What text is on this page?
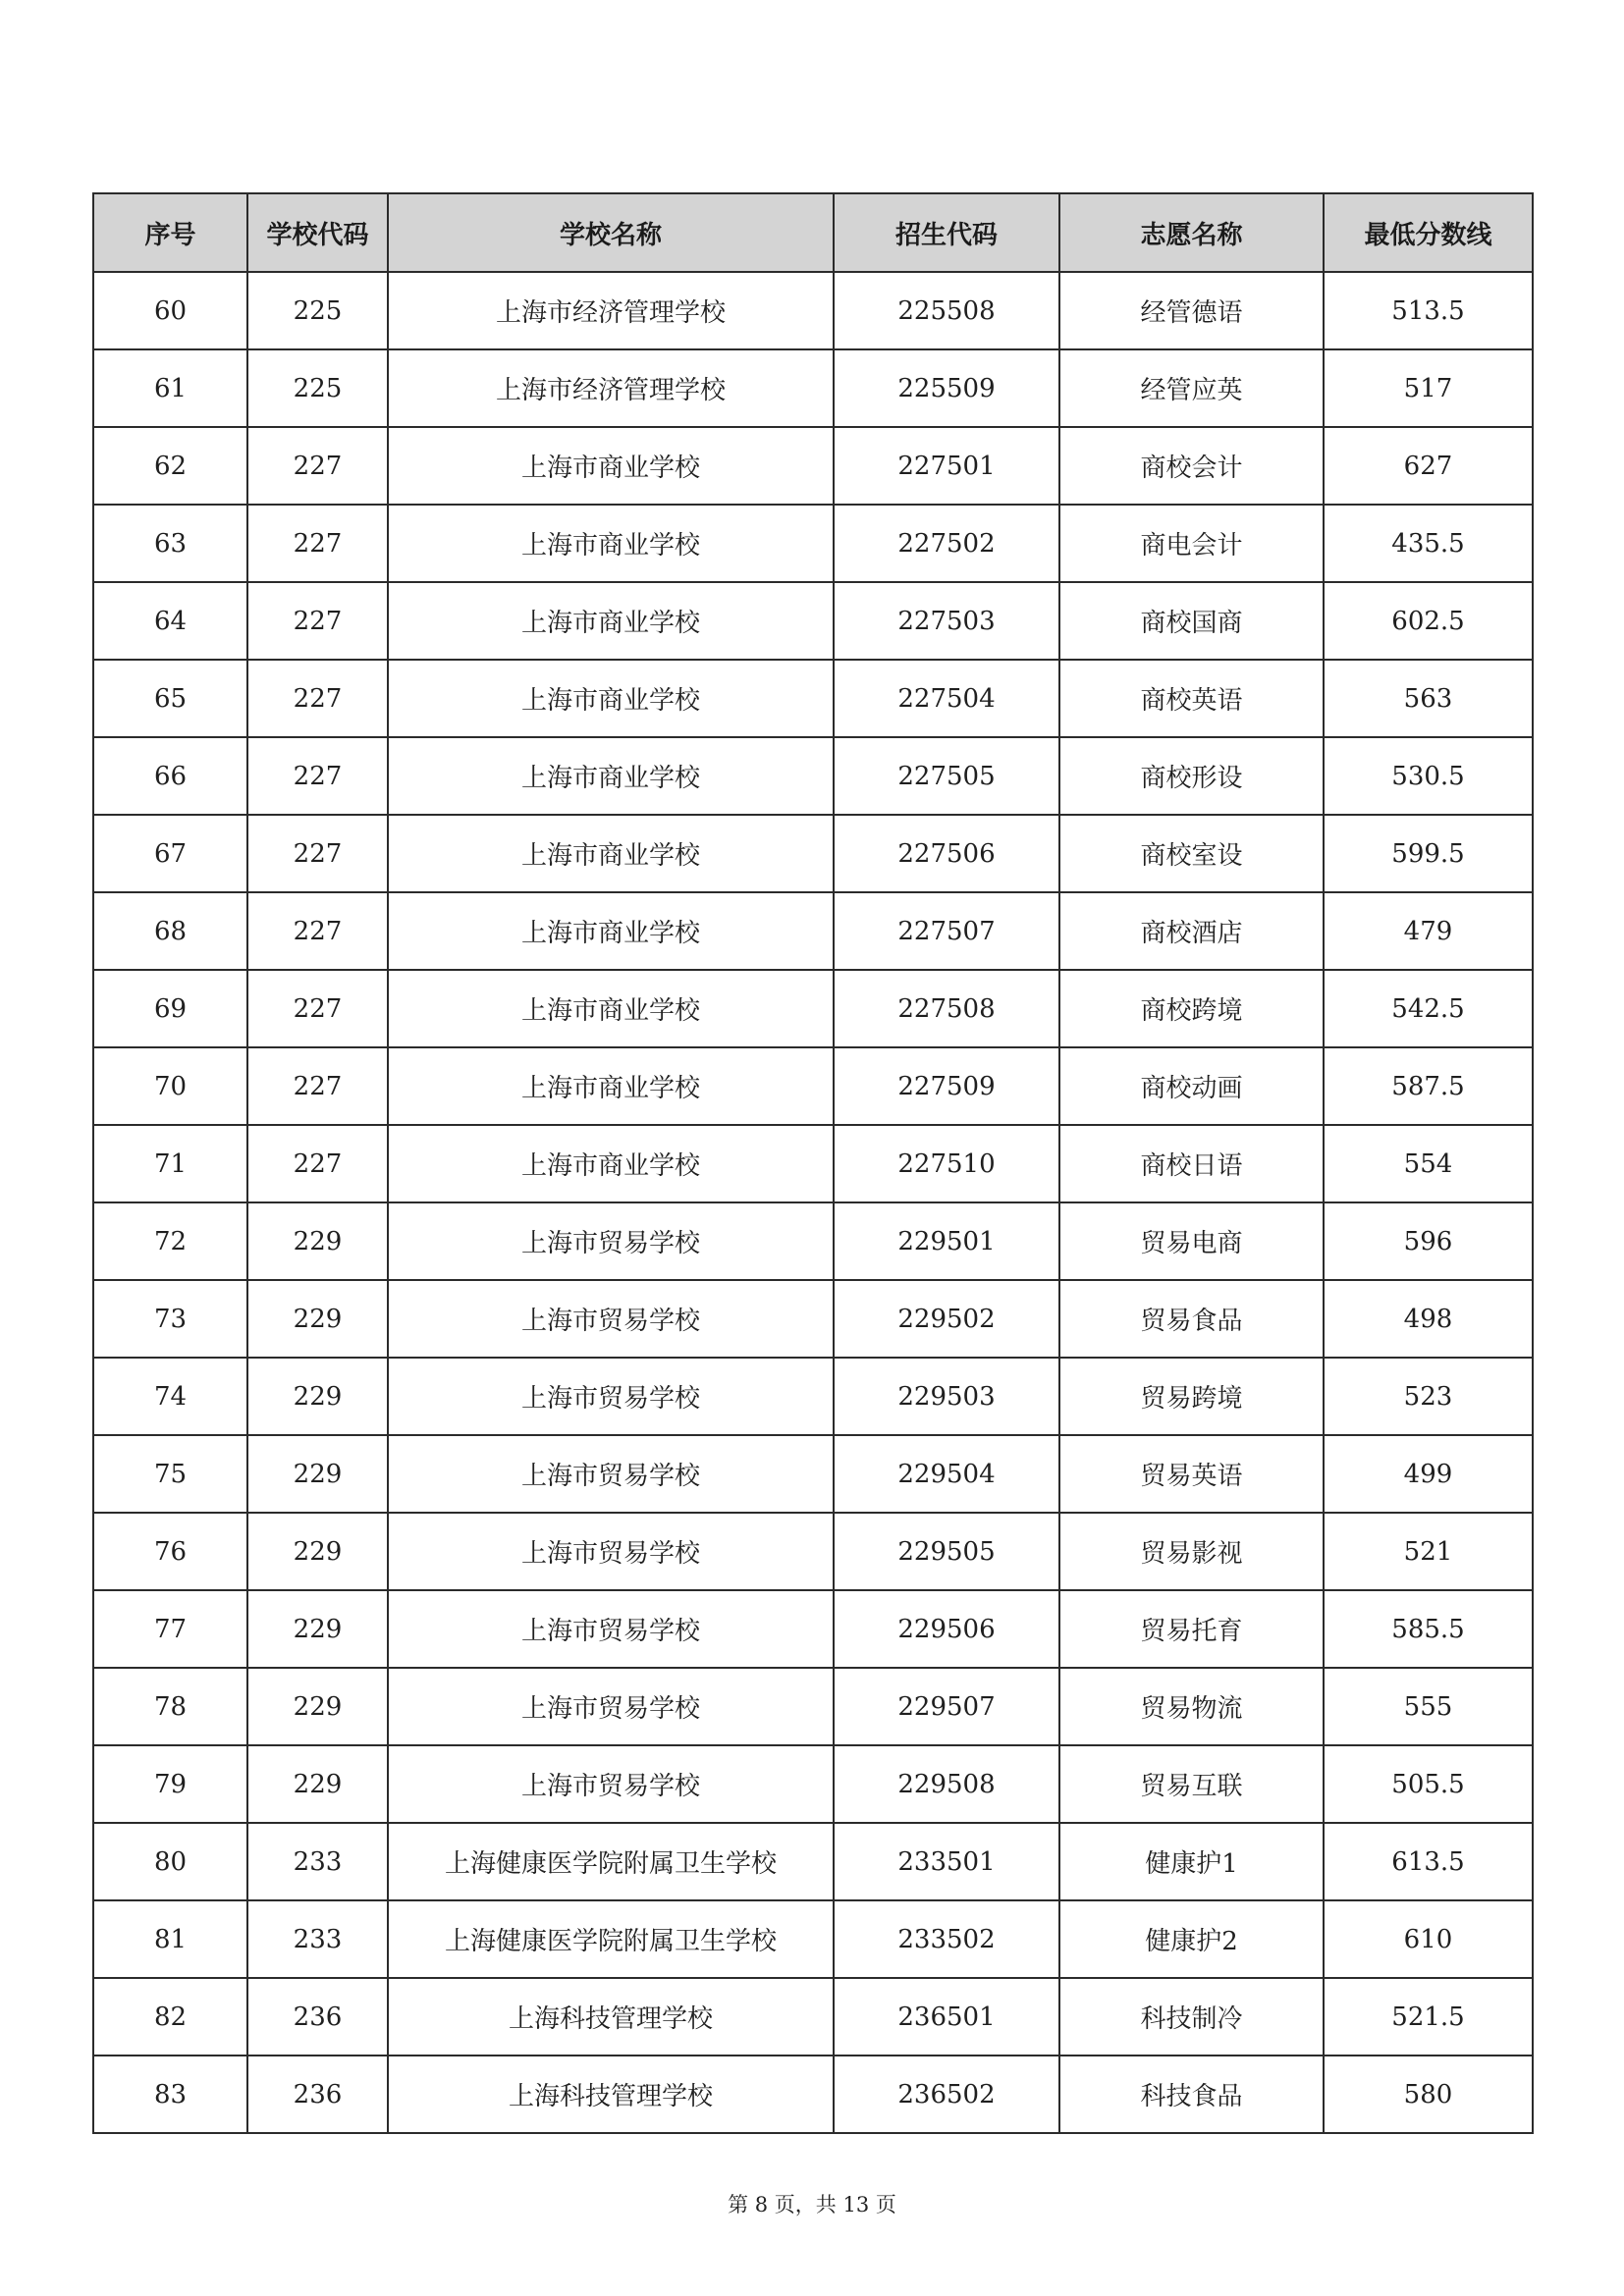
序号	学校代码	学校名称	招生代码	志愿名称	最低分数线
60	225	上海市经济管理学校	225508	经管德语	513.5
61	225	上海市经济管理学校	225509	经管应英	517
62	227	上海市商业学校	227501	商校会计	627
63	227	上海市商业学校	227502	商电会计	435.5
64	227	上海市商业学校	227503	商校国商	602.5
65	227	上海市商业学校	227504	商校英语	563
66	227	上海市商业学校	227505	商校形设	530.5
67	227	上海市商业学校	227506	商校室设	599.5
68	227	上海市商业学校	227507	商校酒店	479
69	227	上海市商业学校	227508	商校跨境	542.5
70	227	上海市商业学校	227509	商校动画	587.5
71	227	上海市商业学校	227510	商校日语	554
72	229	上海市贸易学校	229501	贸易电商	596
73	229	上海市贸易学校	229502	贸易食品	498
74	229	上海市贸易学校	229503	贸易跨境	523
75	229	上海市贸易学校	229504	贸易英语	499
76	229	上海市贸易学校	229505	贸易影视	521
77	229	上海市贸易学校	229506	贸易托育	585.5
78	229	上海市贸易学校	229507	贸易物流	555
79	229	上海市贸易学校	229508	贸易互联	505.5
80	233	上海健康医学院附属卫生学校	233501	健康护1	613.5
81	233	上海健康医学院附属卫生学校	233502	健康护2	610
82	236	上海科技管理学校	236501	科技制冷	521.5
83	236	上海科技管理学校	236502	科技食品	580
第 8 页，共 13 页
